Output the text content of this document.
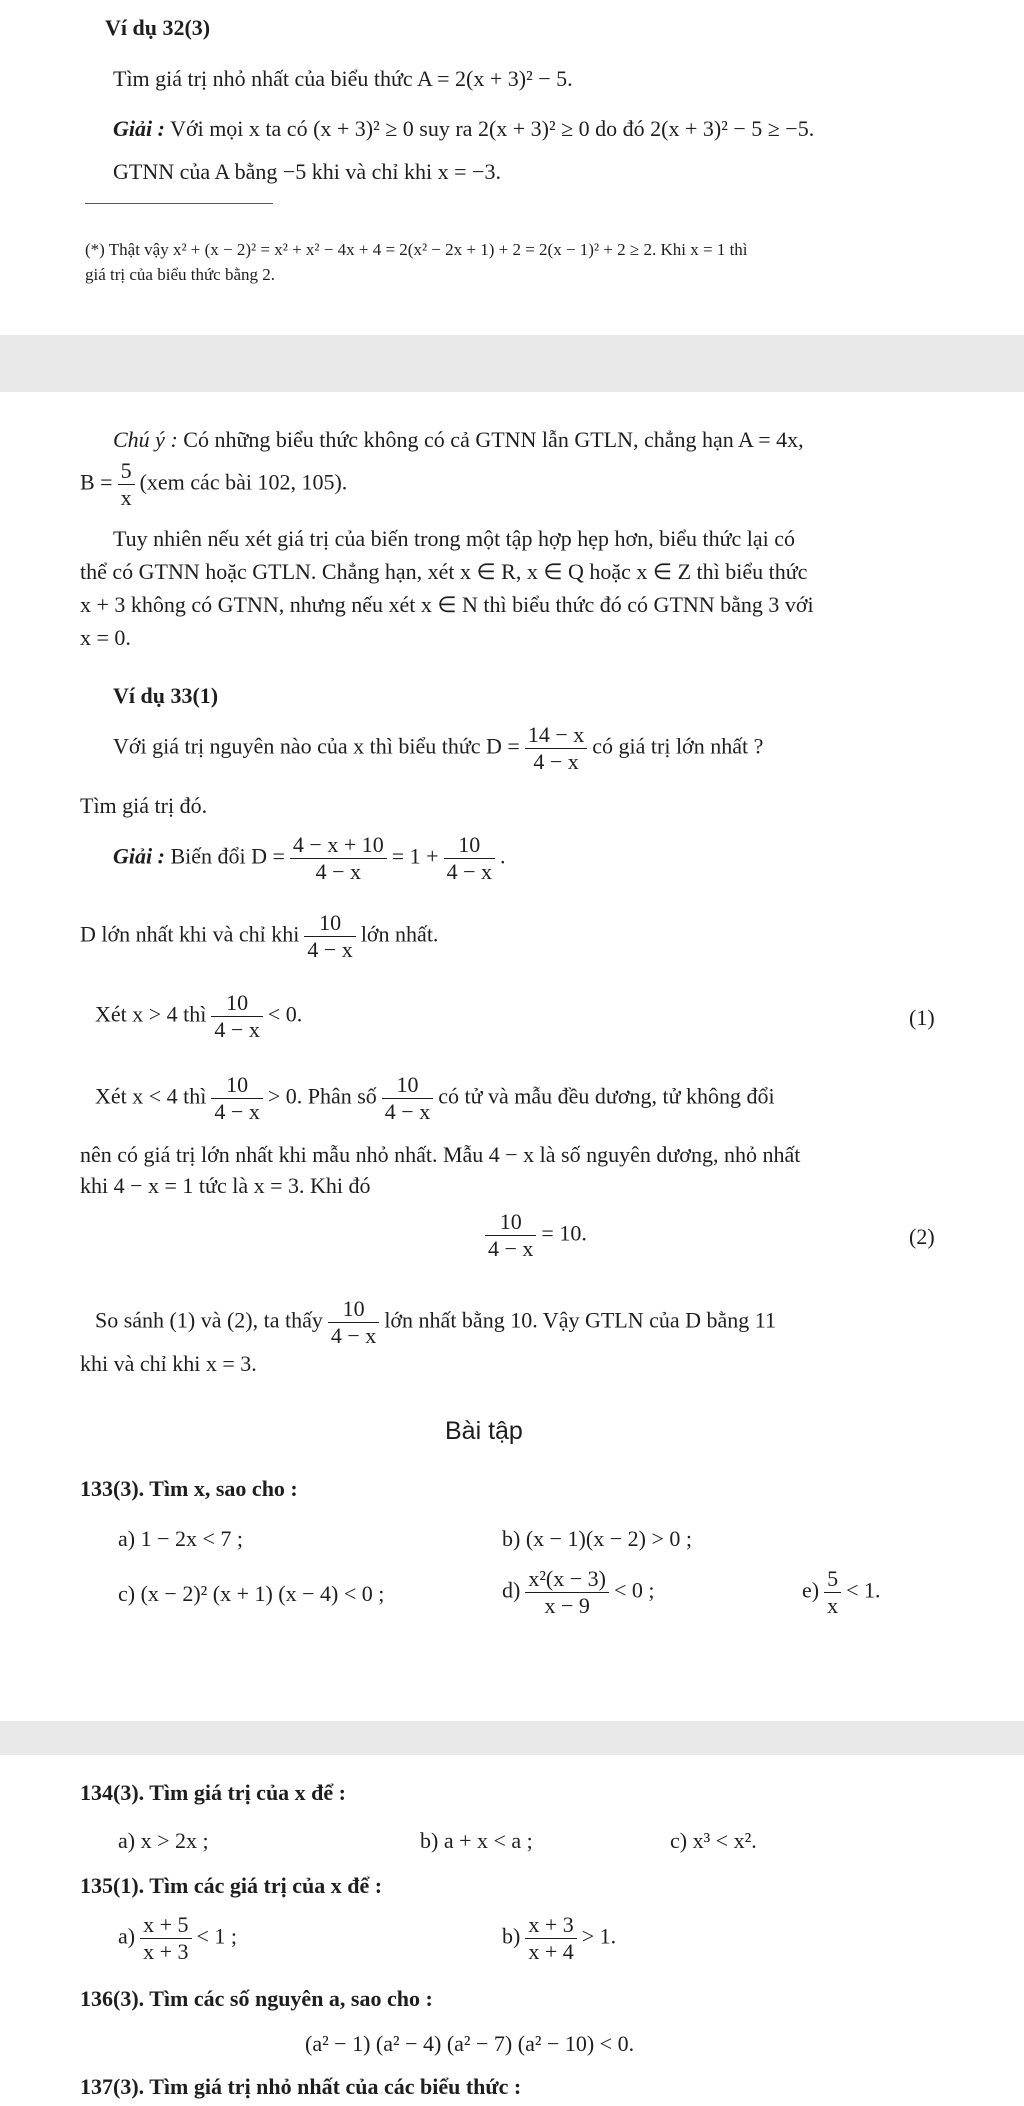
Ví dụ 32(3)
Tìm giá trị nhỏ nhất của biểu thức A = 2(x + 3)² − 5.
Giải : Với mọi x ta có (x + 3)² ≥ 0 suy ra 2(x + 3)² ≥ 0 do đó 2(x + 3)² − 5 ≥ −5.
GTNN của A bằng −5 khi và chỉ khi x = −3.
(*) Thật vậy x² + (x − 2)² = x² + x² − 4x + 4 = 2(x² − 2x + 1) + 2 = 2(x − 1)² + 2 ≥ 2. Khi x = 1 thì
giá trị của biểu thức bằng 2.
Chú ý : Có những biểu thức không có cả GTNN lẫn GTLN, chẳng hạn A = 4x,
$B = \frac{5}{x} (xem$ các bài 102, 105).
Tuy nhiên nếu xét giá trị của biến trong một tập hợp hẹp hơn, biểu thức lại có
thể có GTNN hoặc GTLN. Chẳng hạn, xét x ∈ R, x ∈ Q hoặc x ∈ Z thì biểu thức
x + 3 không có GTNN, nhưng nếu xét x ∈ N thì biểu thức đó có GTNN bằng 3 với
x = 0.
Ví dụ 33(1)
Với giá trị nguyên nào của x thì biểu thức $D = \frac{14 - x}{4 - x}$ có giá trị lớn nhất ?
Tìm giá trị đó.
Giải : Biến đổi $D = \frac{4 - x + 10}{4 - x} = 1 + \frac{10}{4 - x}$ .
D lớn nhất khi và chỉ khi $\frac{10}{4 - x}$ lớn nhất.
Xét x > 4 thì $\frac{10}{4 - x} < 0$.	(1)
Xét x < 4 thì $\frac{10}{4 - x} > 0$. Phân số $\frac{10}{4 - x}$ có tử và mẫu đều dương, tử không đổi
nên có giá trị lớn nhất khi mẫu nhỏ nhất. Mẫu 4 − x là số nguyên dương, nhỏ nhất
khi 4 − x = 1 tức là x = 3. Khi đó
$\frac{10}{4 - x} = 10$.	(2)
So sánh (1) và (2), ta thấy $\frac{10}{4 - x}$ lớn nhất bằng 10. Vậy GTLN của D bằng 11
khi và chỉ khi x = 3.
Bài tập
133(3). Tìm x, sao cho :
a) 1 − 2x < 7 ;	b) (x − 1)(x − 2) > 0 ;
c) (x − 2)² (x + 1) (x − 4) < 0 ;	$d) \frac{\text{x²(x − 3)}}{x - 9} < 0$ ;	$e) \frac{5}{x} < 1$.
134(3). Tìm giá trị của x để :
a) x > 2x ;	b) a + x < a ;	c) x³ < x².
135(1). Tìm các giá trị của x để :
$a) \frac{x + 5}{x + 3} < 1$ ;	$b) \frac{x + 3}{x + 4} > 1$.
136(3). Tìm các số nguyên a, sao cho :
(a² − 1) (a² − 4) (a² − 7) (a² − 10) < 0.
137(3). Tìm giá trị nhỏ nhất của các biểu thức :
